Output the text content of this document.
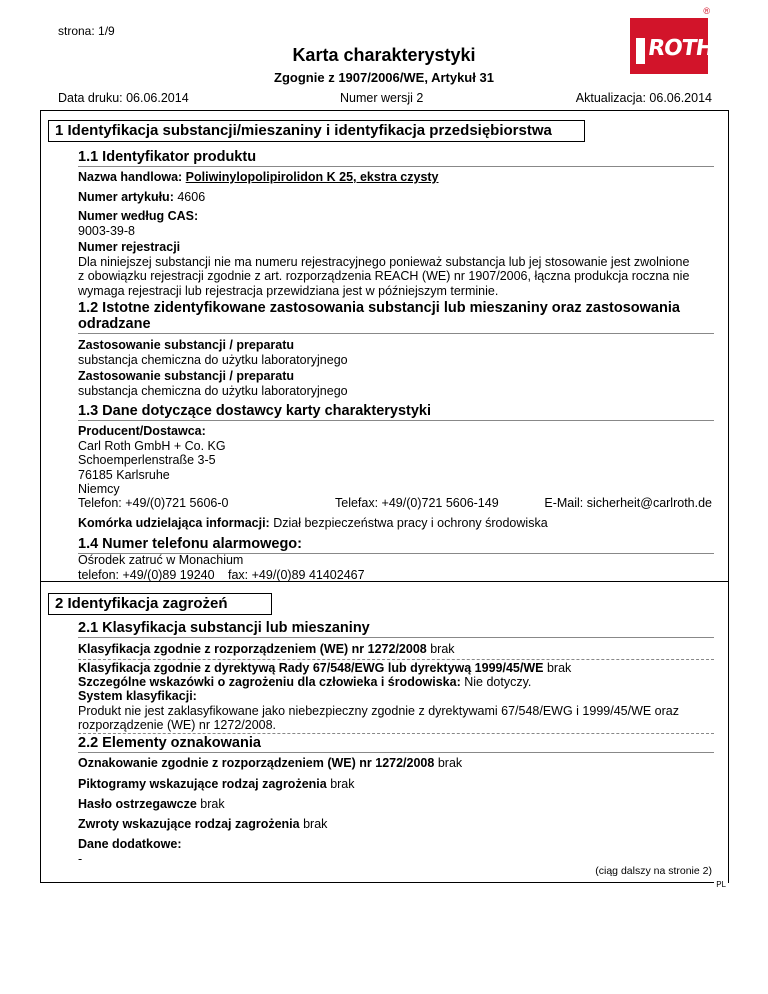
strona: 1/9
Karta charakterystyki
Zgognie z 1907/2006/WE, Artykuł 31
®
ROTH
Data druku: 06.06.2014	Numer wersji 2	Aktualizacja: 06.06.2014
1 Identyfikacja substancji/mieszaniny i identyfikacja przedsiębiorstwa
1.1 Identyfikator produktu
Nazwa handlowa: Poliwinylopolipirolidon K 25, ekstra czysty
Numer artykułu: 4606
Numer według CAS:
9003-39-8
Numer rejestracji
Dla niniejszej substancji nie ma numeru rejestracyjnego ponieważ substancja lub jej stosowanie jest zwolnione
z obowiązku rejestracji zgodnie z art. rozporządzenia REACH (WE) nr 1907/2006, łączna produkcja roczna nie
wymaga rejestracji lub rejestracja przewidziana jest w późniejszym terminie.
1.2 Istotne zidentyfikowane zastosowania substancji lub mieszaniny oraz zastosowania
odradzane
Zastosowanie substancji / preparatu
substancja chemiczna do użytku laboratoryjnego
Zastosowanie substancji / preparatu
substancja chemiczna do użytku laboratoryjnego
1.3 Dane dotyczące dostawcy karty charakterystyki
Producent/Dostawca:
Carl Roth GmbH + Co. KG
Schoemperlenstraße 3-5
76185 Karlsruhe
Niemcy
Telefon: +49/(0)721 5606-0	Telefax: +49/(0)721 5606-149	E-Mail: sicherheit@carlroth.de
Komórka udzielająca informacji: Dział bezpieczeństwa pracy i ochrony środowiska
1.4 Numer telefonu alarmowego:
Ośrodek zatruć w Monachium
telefon: +49/(0)89 19240 fax: +49/(0)89 41402467
2 Identyfikacja zagrożeń
2.1 Klasyfikacja substancji lub mieszaniny
Klasyfikacja zgodnie z rozporządzeniem (WE) nr 1272/2008 brak
Klasyfikacja zgodnie z dyrektywą Rady 67/548/EWG lub dyrektywą 1999/45/WE brak
Szczególne wskazówki o zagrożeniu dla człowieka i środowiska: Nie dotyczy.
System klasyfikacji:
Produkt nie jest zaklasyfikowane jako niebezpieczny zgodnie z dyrektywami 67/548/EWG i 1999/45/WE oraz
rozporządzenie (WE) nr 1272/2008.
2.2 Elementy oznakowania
Oznakowanie zgodnie z rozporządzeniem (WE) nr 1272/2008 brak
Piktogramy wskazujące rodzaj zagrożenia brak
Hasło ostrzegawcze brak
Zwroty wskazujące rodzaj zagrożenia brak
Dane dodatkowe:
-
(ciąg dalszy na stronie 2)
PL
